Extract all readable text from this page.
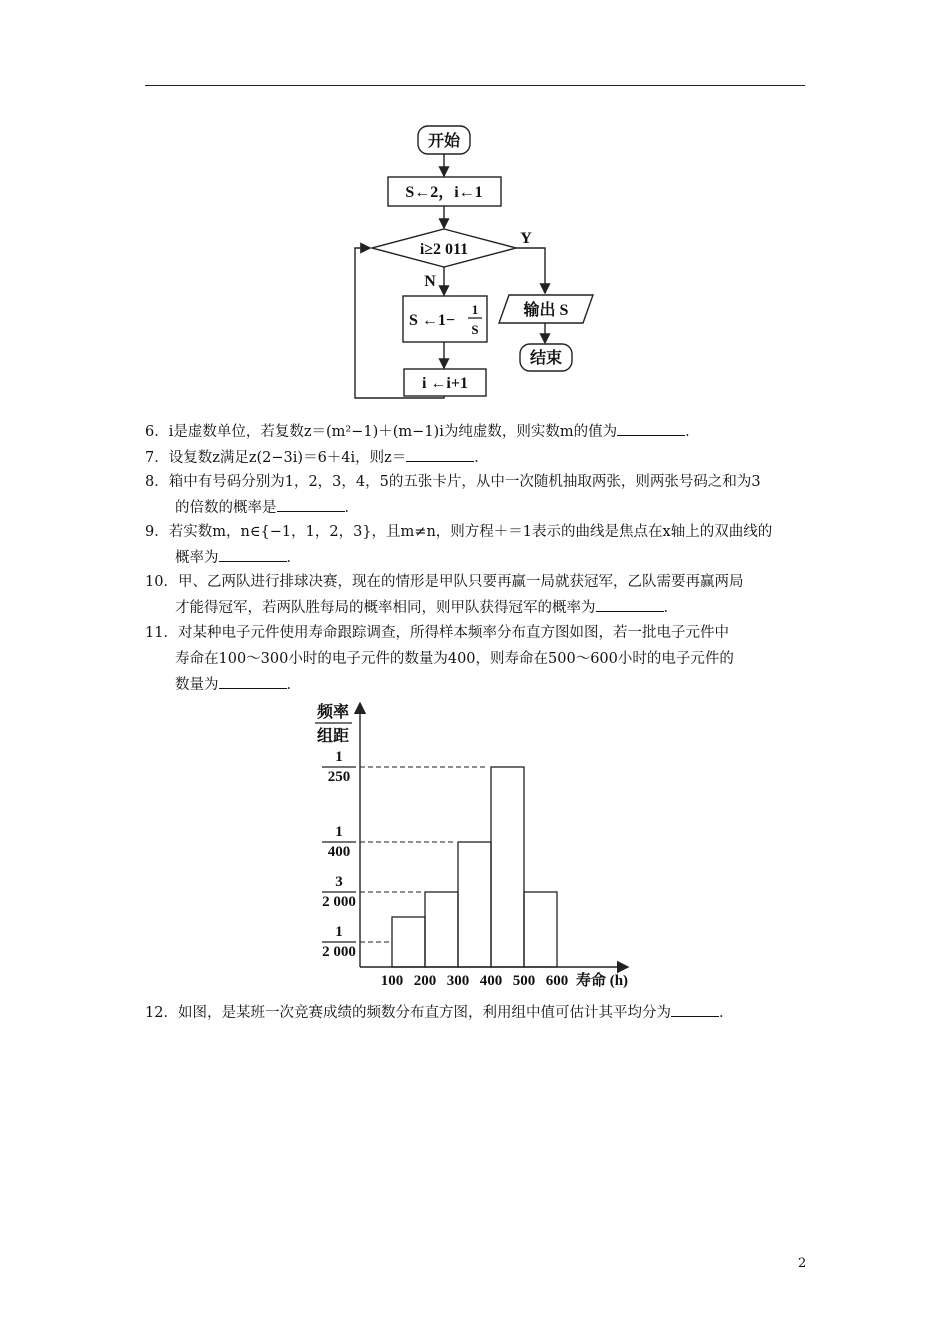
开始
S←2，i←1
i≥2 011
Y
N
S ←1−
1
S
i ←i+1
输出 S
结束
6．i是虚数单位，若复数z＝(m²−1)＋(m−1)i为纯虚数，则实数m的值为	．
7．设复数z满足z(2−3i)＝6＋4i，则z＝	．
8．箱中有号码分别为1，2，3，4，5的五张卡片，从中一次随机抽取两张，则两张号码之和为3
的倍数的概率是	．
9．若实数m，n∈{−1，1，2，3}，且m≠n，则方程＋＝1表示的曲线是焦点在x轴上的双曲线的
概率为	．
10．甲、乙两队进行排球决赛，现在的情形是甲队只要再赢一局就获冠军，乙队需要再赢两局
才能得冠军，若两队胜每局的概率相同，则甲队获得冠军的概率为	．
11．对某种电子元件使用寿命跟踪调查，所得样本频率分布直方图如图，若一批电子元件中
寿命在100～300小时的电子元件的数量为400，则寿命在500～600小时的电子元件的
数量为	．
1
2 000
3
2 000
1
400
1
250
频率
组距
100 200 300 400 500 600 寿命 (h)
12．如图，是某班一次竞赛成绩的频数分布直方图，利用组中值可估计其平均分为	．
2
